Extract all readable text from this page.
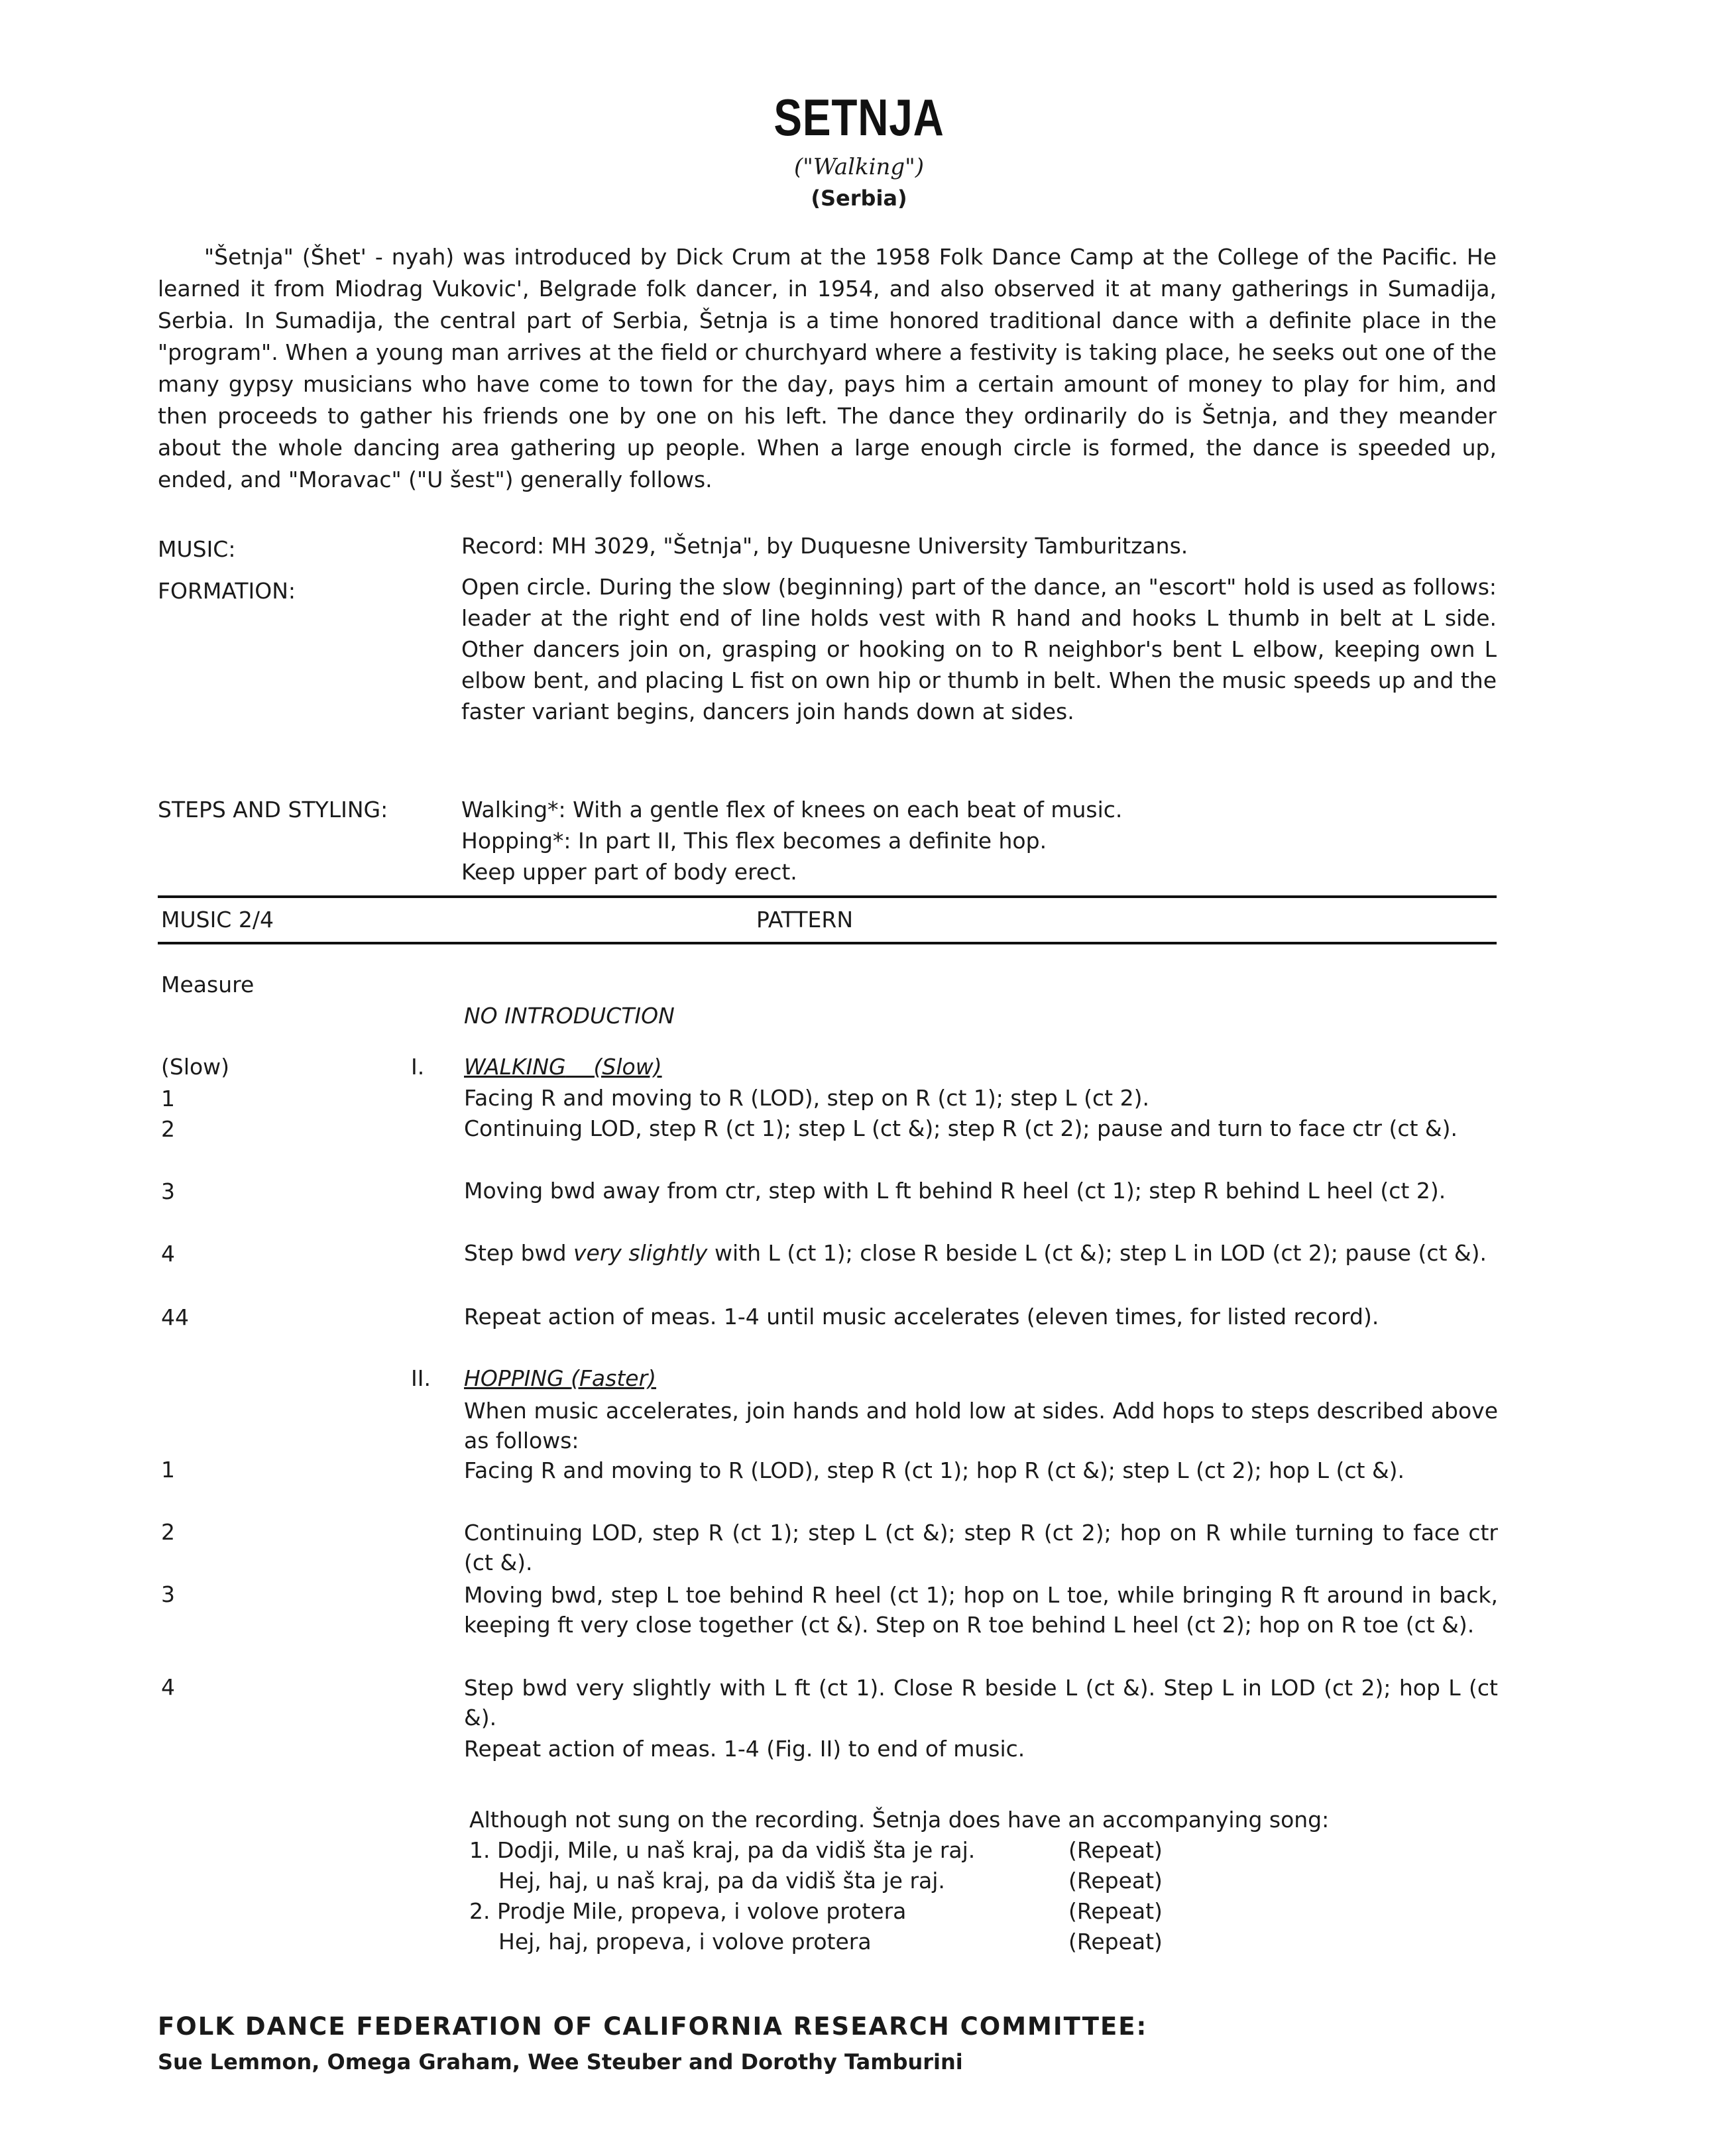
SETNJA
("Walking")
(Serbia)

"Šetnja" (Šhet' - nyah) was introduced by Dick Crum at the 1958 Folk Dance Camp at the College of the Pacific. He learned it from Miodrag Vukovic', Belgrade folk dancer, in 1954, and also observed it at many gatherings in Sumadija, Serbia. In Sumadija, the central part of Serbia, Šetnja is a time honored traditional dance with a definite place in the "program". When a young man arrives at the field or churchyard where a festivity is taking place, he seeks out one of the many gypsy musicians who have come to town for the day, pays him a certain amount of money to play for him, and then proceeds to gather his friends one by one on his left. The dance they ordinarily do is Šetnja, and they meander about the whole dancing area gathering up people. When a large enough circle is formed, the dance is speeded up, ended, and "Moravac" ("U šest") generally follows.

MUSIC:	Record: MH 3029, "Šetnja", by Duquesne University Tamburitzans.
FORMATION:	Open circle. During the slow (beginning) part of the dance, an "escort" hold is used as follows: leader at the right end of line holds vest with R hand and hooks L thumb in belt at L side. Other dancers join on, grasping or hooking on to R neighbor's bent L elbow, keeping own L elbow bent, and placing L fist on own hip or thumb in belt. When the music speeds up and the faster variant begins, dancers join hands down at sides.
STEPS AND STYLING:	Walking*: With a gentle flex of knees on each beat of music.
Hopping*: In part II, This flex becomes a definite hop.
Keep upper part of body erect.
MUSIC 2/4	PATTERN
Measure
NO INTRODUCTION
(Slow)	I. WALKING (Slow)
1	Facing R and moving to R (LOD), step on R (ct 1); step L (ct 2).
2	Continuing LOD, step R (ct 1); step L (ct &); step R (ct 2); pause and turn to face ctr (ct &).
3	Moving bwd away from ctr, step with L ft behind R heel (ct 1); step R behind L heel (ct 2).
4	Step bwd very slightly with L (ct 1); close R beside L (ct &); step L in LOD (ct 2); pause (ct &).
44	Repeat action of meas. 1-4 until music accelerates (eleven times, for listed record).
II. HOPPING (Faster)
When music accelerates, join hands and hold low at sides. Add hops to steps described above as follows:
1	Facing R and moving to R (LOD), step R (ct 1); hop R (ct &); step L (ct 2); hop L (ct &).
2	Continuing LOD, step R (ct 1); step L (ct &); step R (ct 2); hop on R while turning to face ctr (ct &).
3	Moving bwd, step L toe behind R heel (ct 1); hop on L toe, while bringing R ft around in back, keeping ft very close together (ct &). Step on R toe behind L heel (ct 2); hop on R toe (ct &).
4	Step bwd very slightly with L ft (ct 1). Close R beside L (ct &). Step L in LOD (ct 2); hop L (ct &).
Repeat action of meas. 1-4 (Fig. II) to end of music.
Although not sung on the recording. Šetnja does have an accompanying song:
1. Dodji, Mile, u naš kraj, pa da vidiš šta je raj.	(Repeat)
Hej, haj, u naš kraj, pa da vidiš šta je raj.	(Repeat)
2. Prodje Mile, propeva, i volove protera	(Repeat)
Hej, haj, propeva, i volove protera	(Repeat)
FOLK DANCE FEDERATION OF CALIFORNIA RESEARCH COMMITTEE:
Sue Lemmon, Omega Graham, Wee Steuber and Dorothy Tamburini
